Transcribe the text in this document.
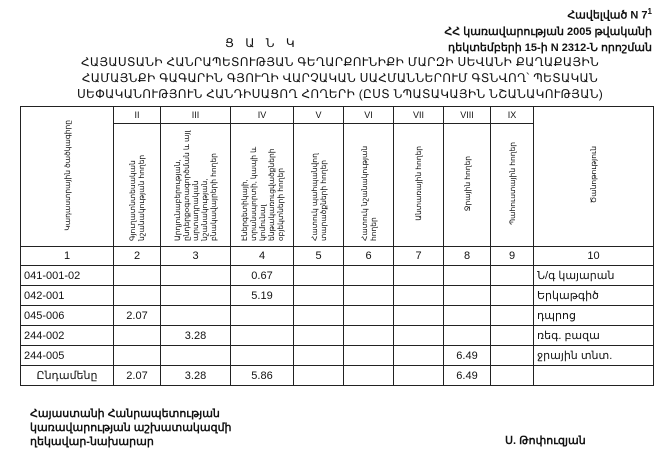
Հավելված N $7^1$
ՀՀ կառավարության 2005 թվականի
դեկտեմբերի 15-ի N 2312-Ն որոշման
Ց Ա Ն Կ
ՀԱՅԱՍՏԱՆԻ ՀԱՆՐԱՊԵՏՈՒԹՅԱՆ ԳԵՂԱՐՔՈՒՆԻՔԻ ՄԱՐԶԻ ՍԵՎԱՆԻ ՔԱՂԱՔԱՅԻՆ
ՀԱՄԱՅՆՔԻ ԳԱԳԱՐԻՆ ԳՅՈՒՂԻ ՎԱՐՉԱԿԱՆ ՍԱՀՄԱՆՆԵՐՈՒՄ ԳՏՆՎՈՂ՝ ՊԵՏԱԿԱՆ
ՍԵՓԱԿԱՆՈՒԹՅՈՒՆ ՀԱՆԴԻՍԱՑՈՂ ՀՈՂԵՐԻ (ԸՍՏ ՆՊԱՏԱԿԱՅԻՆ ՆՇԱՆԱԿՈՒԹՅԱՆ)
Կադաստրային ծածկագիրը	II	III	IV	V	VI	VII	VIII	IX	Ծանոթություն
	Գյուղատնտեսական նշանակության հողեր	Արդյունաբերության, ընդերքօգտագործման և այլ արտադրական նշանակության, բնակավայրերի հողեր	Էներգետիկայի, տրանսպորտի, կապի և կոմունալ ենթակառուցվածքների օբյեկտների հողեր	Հատուկ պահպանվող տարածքների հողեր	Հատուկ նշանակության հողեր	Անտառային հողեր	Ջրային հողեր	Պահուստային հողեր	
1	2	3	4	5	6	7	8	9	10
041-001-02			0.67						Ն/գ կայարան
042-001			5.19						Երկաթգիծ
045-006	2.07								դպրոց
244-002		3.28							ռեգ. բազա
244-005							6.49		ջրային տնտ.
Ընդամենը	2.07	3.28	5.86				6.49		
Հայաստանի Հանրապետության
կառավարության աշխատակազմի
ղեկավար-նախարար	Ս. Թոփուզյան
